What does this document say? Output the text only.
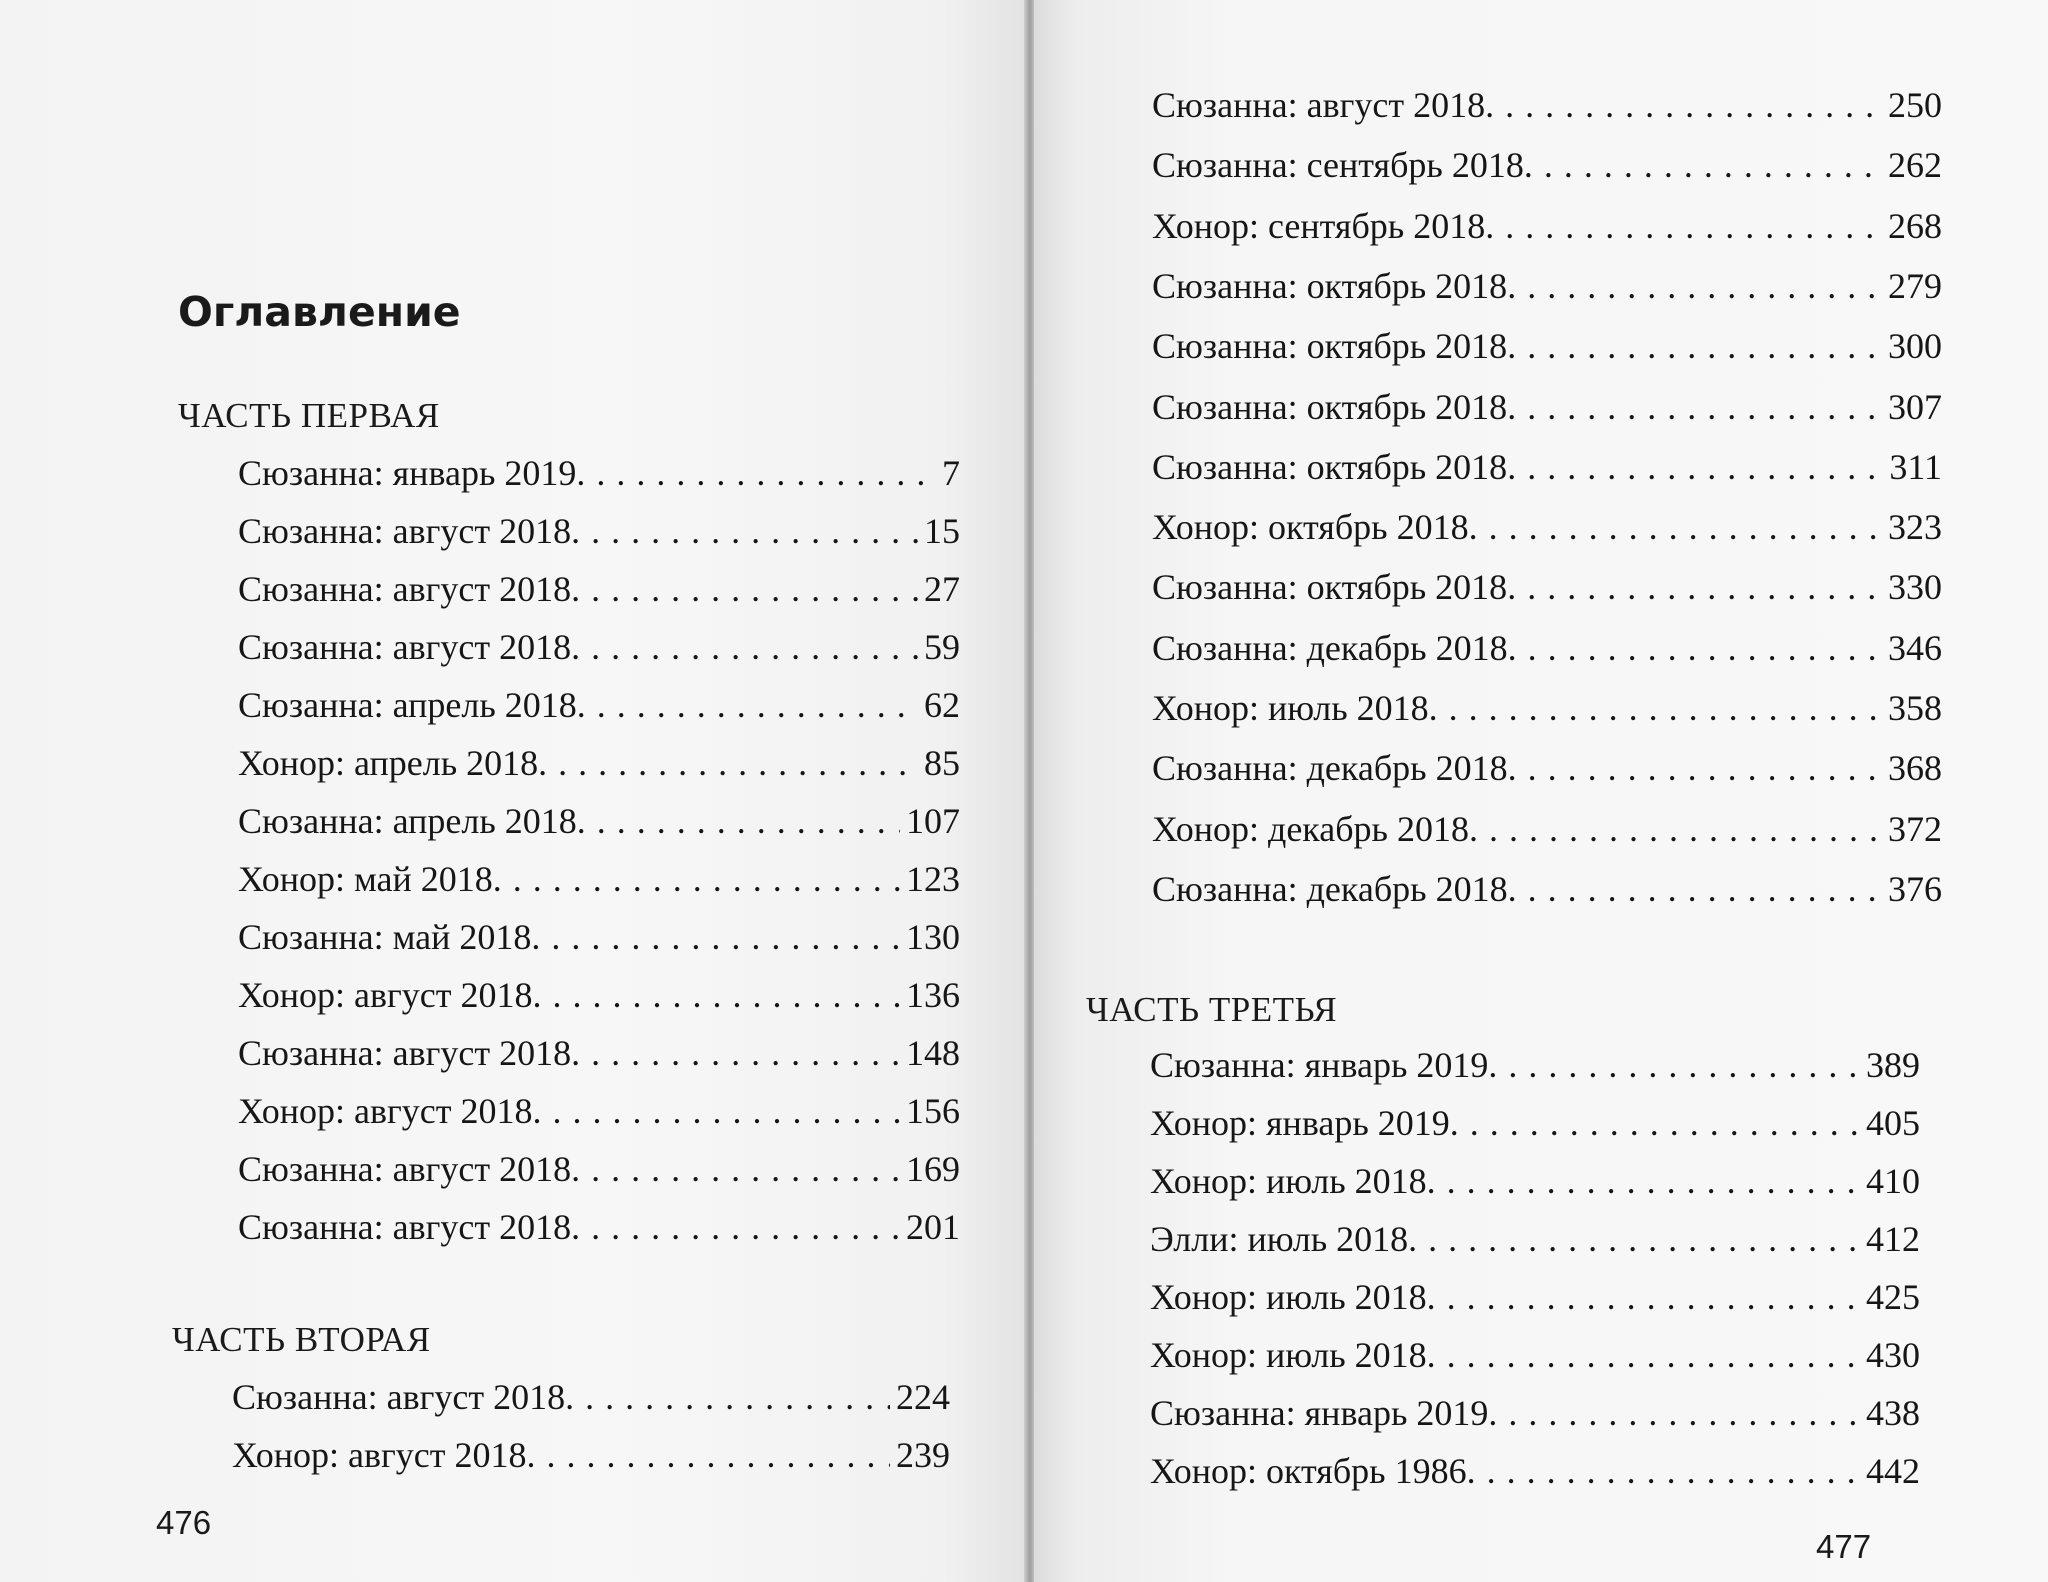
Оглавление
ЧАСТЬ ПЕРВАЯ
Сюзанна: январь 2019 . . .	7
Сюзанна: август 2018 . . .	15
Сюзанна: август 2018 . . .	27
Сюзанна: август 2018 . . .	59
Сюзанна: апрель 2018 . . .	62
Хонор: апрель 2018 . . .	85
Сюзанна: апрель 2018 . . .	107
Хонор: май 2018 . . .	123
Сюзанна: май 2018 . . .	130
Хонор: август 2018 . . .	136
Сюзанна: август 2018 . . .	148
Хонор: август 2018 . . .	156
Сюзанна: август 2018 . . .	169
Сюзанна: август 2018 . . .	201
ЧАСТЬ ВТОРАЯ
Сюзанна: август 2018 . . .	224
Хонор: август 2018 . . .	239
476
Сюзанна: август 2018 . . .	250
Сюзанна: сентябрь 2018 . . .	262
Хонор: сентябрь 2018 . . .	268
Сюзанна: октябрь 2018 . . .	279
Сюзанна: октябрь 2018 . . .	300
Сюзанна: октябрь 2018 . . .	307
Сюзанна: октябрь 2018 . . .	311
Хонор: октябрь 2018 . . .	323
Сюзанна: октябрь 2018 . . .	330
Сюзанна: декабрь 2018 . . .	346
Хонор: июль 2018 . . .	358
Сюзанна: декабрь 2018 . . .	368
Хонор: декабрь 2018 . . .	372
Сюзанна: декабрь 2018 . . .	376
ЧАСТЬ ТРЕТЬЯ
Сюзанна: январь 2019 . . .	389
Хонор: январь 2019 . . .	405
Хонор: июль 2018 . . .	410
Элли: июль 2018 . . .	412
Хонор: июль 2018 . . .	425
Хонор: июль 2018 . . .	430
Сюзанна: январь 2019 . . .	438
Хонор: октябрь 1986 . . .	442
477
